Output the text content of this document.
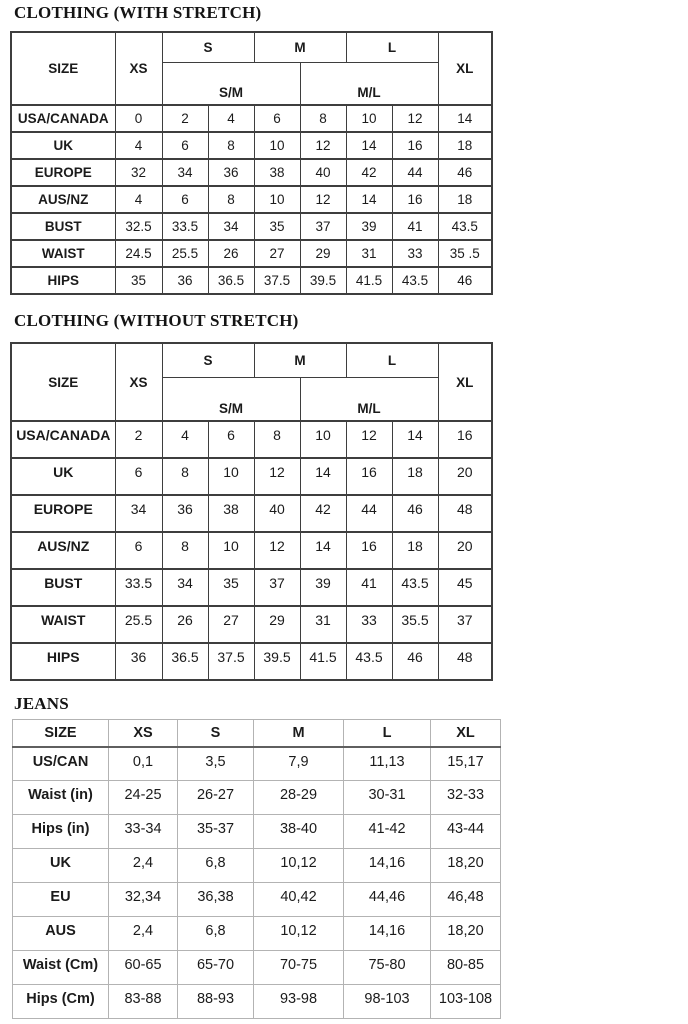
CLOTHING (WITH STRETCH)
SIZE	XS	S		M		L		XL
		S/M			M/L			
USA/CANADA	0	2	4	6	8	10	12	14
UK	4	6	8	10	12	14	16	18
EUROPE	32	34	36	38	40	42	44	46
AUS/NZ	4	6	8	10	12	14	16	18
BUST	32.5	33.5	34	35	37	39	41	43.5
WAIST	24.5	25.5	26	27	29	31	33	35 .5
HIPS	35	36	36.5	37.5	39.5	41.5	43.5	46
CLOTHING (WITHOUT STRETCH)
SIZE	XS	S		M		L		XL
		S/M			M/L			
USA/CANADA	2	4	6	8	10	12	14	16
UK	6	8	10	12	14	16	18	20
EUROPE	34	36	38	40	42	44	46	48
AUS/NZ	6	8	10	12	14	16	18	20
BUST	33.5	34	35	37	39	41	43.5	45
WAIST	25.5	26	27	29	31	33	35.5	37
HIPS	36	36.5	37.5	39.5	41.5	43.5	46	48
JEANS
SIZE	XS	S	M	L	XL
US/CAN	0,1	3,5	7,9	11,13	15,17
Waist (in)	24-25	26-27	28-29	30-31	32-33
Hips (in)	33-34	35-37	38-40	41-42	43-44
UK	2,4	6,8	10,12	14,16	18,20
EU	32,34	36,38	40,42	44,46	46,48
AUS	2,4	6,8	10,12	14,16	18,20
Waist (Cm)	60-65	65-70	70-75	75-80	80-85
Hips (Cm)	83-88	88-93	93-98	98-103	103-108
